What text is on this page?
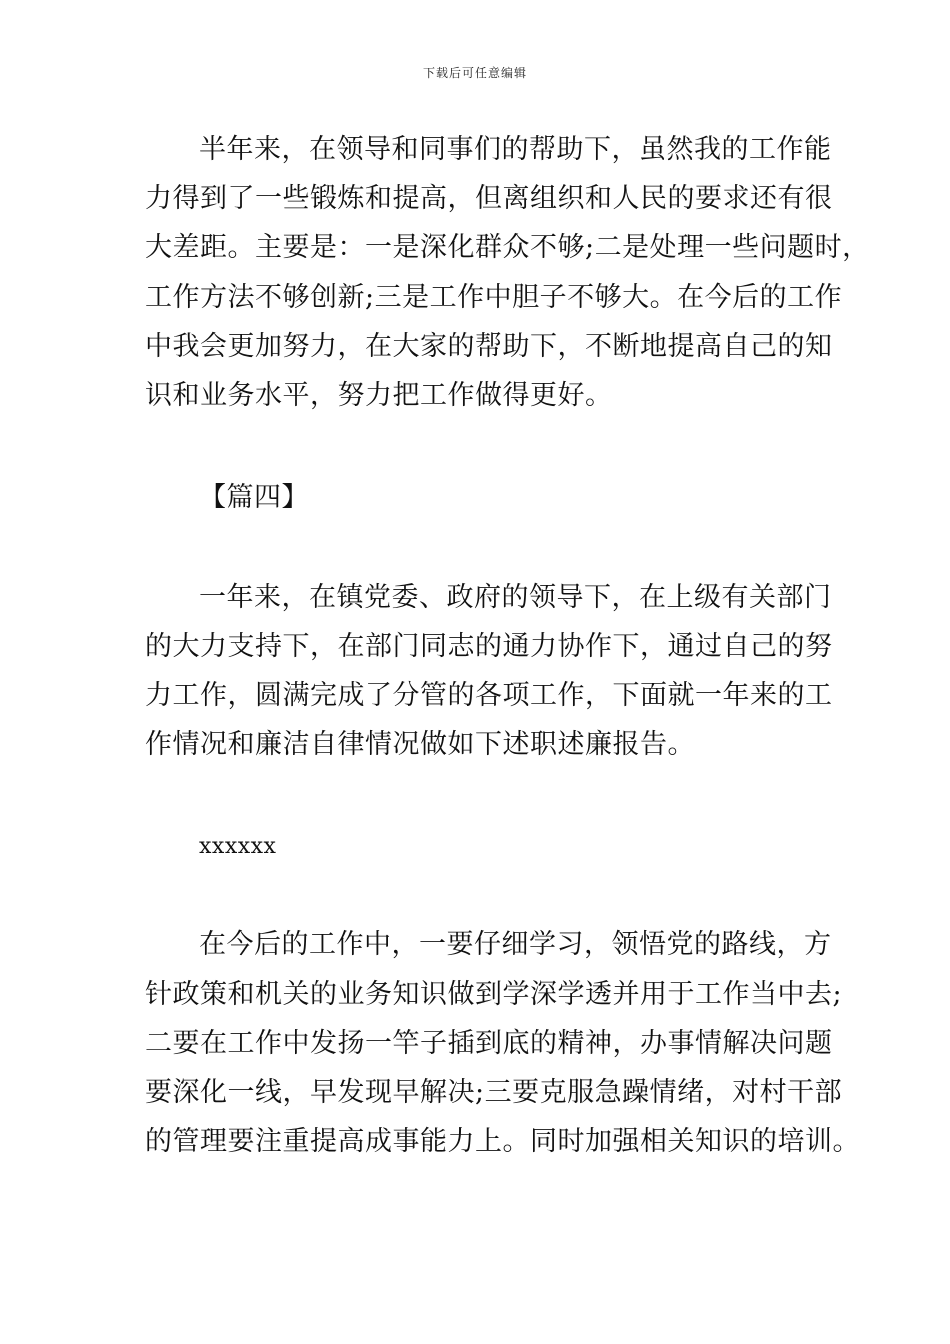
下载后可任意编辑
半年来，在领导和同事们的帮助下，虽然我的工作能
力得到了一些锻炼和提高，但离组织和人民的要求还有很
大差距。主要是：一是深化群众不够;二是处理一些问题时，
工作方法不够创新;三是工作中胆子不够大。在今后的工作
中我会更加努力，在大家的帮助下，不断地提高自己的知
识和业务水平，努力把工作做得更好。
【篇四】
一年来，在镇党委、政府的领导下，在上级有关部门
的大力支持下，在部门同志的通力协作下，通过自己的努
力工作，圆满完成了分管的各项工作，下面就一年来的工
作情况和廉洁自律情况做如下述职述廉报告。
xxxxxx
在今后的工作中，一要仔细学习，领悟党的路线，方
针政策和机关的业务知识做到学深学透并用于工作当中去;
二要在工作中发扬一竿子插到底的精神，办事情解决问题
要深化一线，早发现早解决;三要克服急躁情绪，对村干部
的管理要注重提高成事能力上。同时加强相关知识的培训。
